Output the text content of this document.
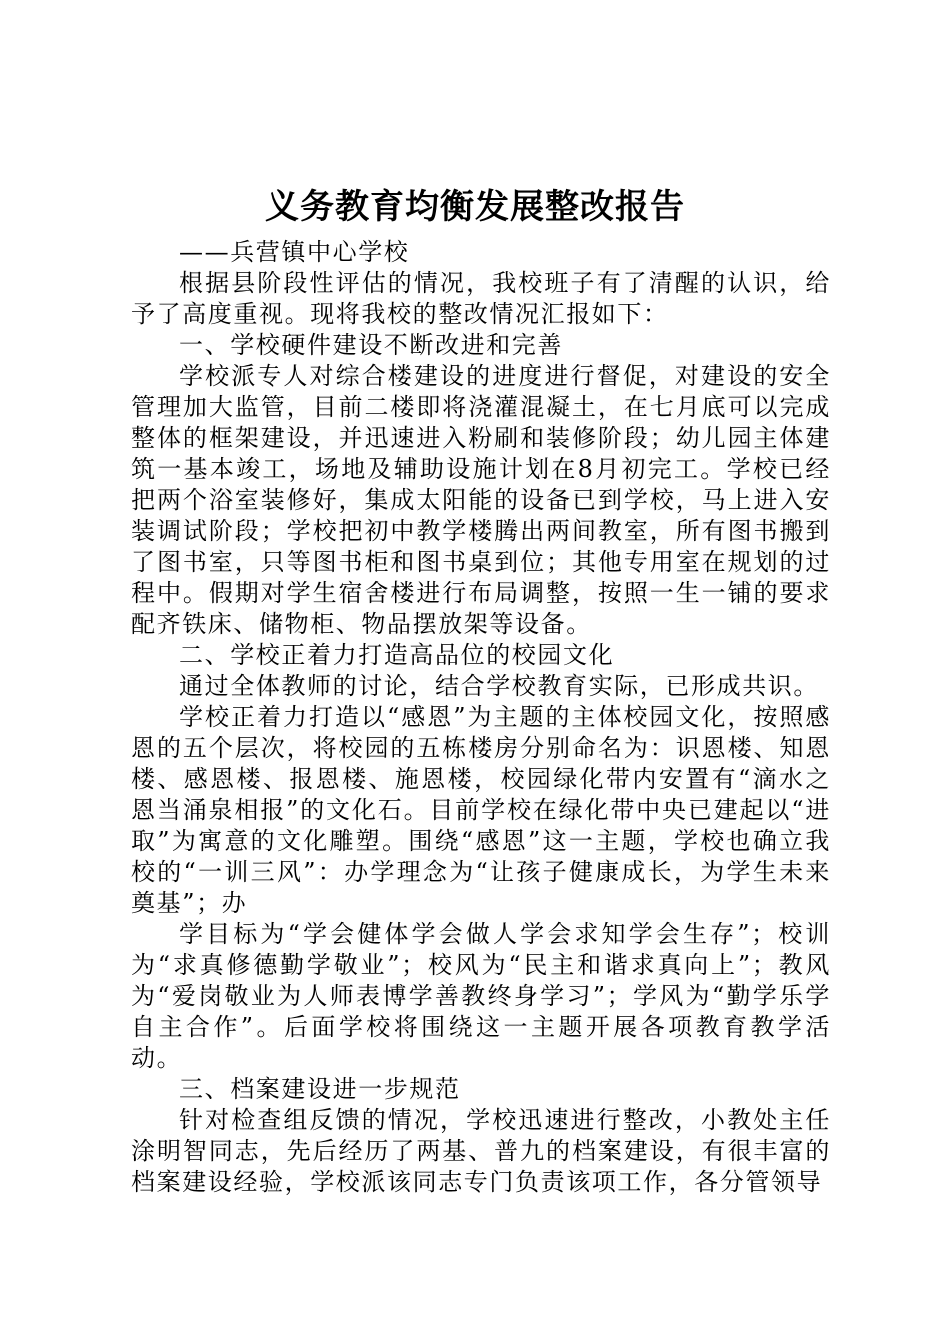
义务教育均衡发展整改报告

——兵营镇中心学校

根据县阶段性评估的情况，我校班子有了清醒的认识，给予了高度重视。现将我校的整改情况汇报如下：

一、学校硬件建设不断改进和完善

学校派专人对综合楼建设的进度进行督促，对建设的安全管理加大监管，目前二楼即将浇灌混凝土，在七月底可以完成整体的框架建设，并迅速进入粉刷和装修阶段；幼儿园主体建筑一基本竣工，场地及辅助设施计划在8月初完工。学校已经把两个浴室装修好，集成太阳能的设备已到学校，马上进入安装调试阶段；学校把初中教学楼腾出两间教室，所有图书搬到了图书室，只等图书柜和图书桌到位；其他专用室在规划的过程中。假期对学生宿舍楼进行布局调整，按照一生一铺的要求配齐铁床、储物柜、物品摆放架等设备。

二、学校正着力打造高品位的校园文化

通过全体教师的讨论，结合学校教育实际，已形成共识。

学校正着力打造以“感恩”为主题的主体校园文化，按照感恩的五个层次，将校园的五栋楼房分别命名为：识恩楼、知恩楼、感恩楼、报恩楼、施恩楼，校园绿化带内安置有“滴水之恩当涌泉相报”的文化石。目前学校在绿化带中央已建起以“进取”为寓意的文化雕塑。围绕“感恩”这一主题，学校也确立我校的“一训三风”：办学理念为“让孩子健康成长，为学生未来奠基”；办

学目标为“学会健体学会做人学会求知学会生存”；校训为“求真修德勤学敬业”；校风为“民主和谐求真向上”；教风为“爱岗敬业为人师表博学善教终身学习”；学风为“勤学乐学自主合作”。后面学校将围绕这一主题开展各项教育教学活动。

三、档案建设进一步规范

针对检查组反馈的情况，学校迅速进行整改，小教处主任涂明智同志，先后经历了两基、普九的档案建设，有很丰富的档案建设经验，学校派该同志专门负责该项工作，各分管领导
